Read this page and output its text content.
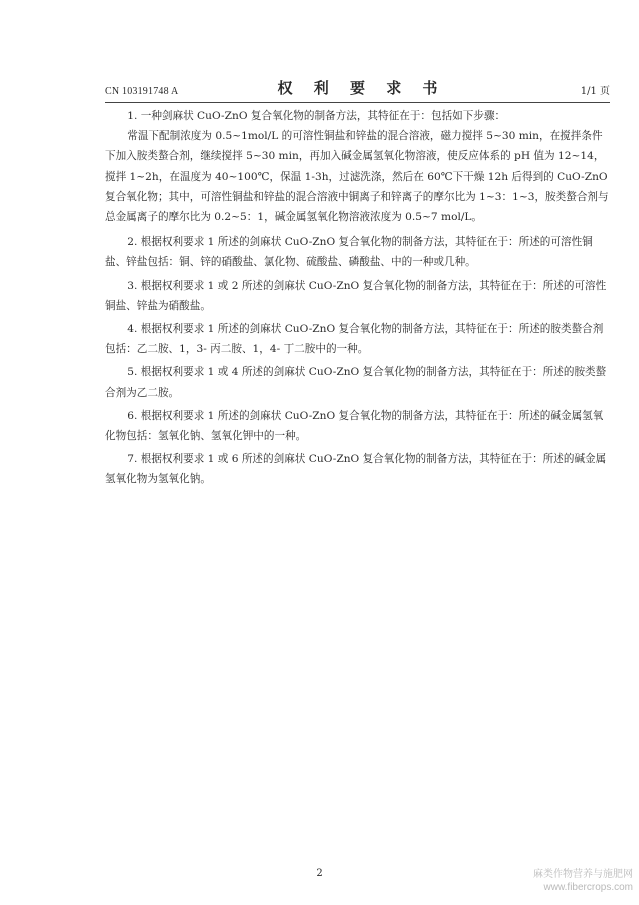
CN 103191748 A	权 利 要 求 书	1/1 页

1. 一种剑麻状 CuO-ZnO 复合氧化物的制备方法，其特征在于：包括如下步骤：

常温下配制浓度为 0.5~1mol/L 的可溶性铜盐和锌盐的混合溶液，磁力搅拌 5~30 min，在搅拌条件下加入胺类螯合剂，继续搅拌 5~30 min，再加入碱金属氢氧化物溶液，使反应体系的 pH 值为 12~14，搅拌 1~2h，在温度为 40~100℃，保温 1-3h，过滤洗涤，然后在 60℃下干燥 12h 后得到的 CuO-ZnO 复合氧化物；其中，可溶性铜盐和锌盐的混合溶液中铜离子和锌离子的摩尔比为 1~3：1~3，胺类螯合剂与总金属离子的摩尔比为 0.2~5：1，碱金属氢氧化物溶液浓度为 0.5~7 mol/L。

2. 根据权利要求 1 所述的剑麻状 CuO-ZnO 复合氧化物的制备方法，其特征在于：所述的可溶性铜盐、锌盐包括：铜、锌的硝酸盐、氯化物、硫酸盐、磷酸盐、中的一种或几种。

3. 根据权利要求 1 或 2 所述的剑麻状 CuO-ZnO 复合氧化物的制备方法，其特征在于：所述的可溶性铜盐、锌盐为硝酸盐。

4. 根据权利要求 1 所述的剑麻状 CuO-ZnO 复合氧化物的制备方法，其特征在于：所述的胺类螯合剂包括：乙二胺、1，3- 丙二胺、1，4- 丁二胺中的一种。

5. 根据权利要求 1 或 4 所述的剑麻状 CuO-ZnO 复合氧化物的制备方法，其特征在于：所述的胺类螯合剂为乙二胺。

6. 根据权利要求 1 所述的剑麻状 CuO-ZnO 复合氧化物的制备方法，其特征在于：所述的碱金属氢氧化物包括：氢氧化钠、氢氧化钾中的一种。

7. 根据权利要求 1 或 6 所述的剑麻状 CuO-ZnO 复合氧化物的制备方法，其特征在于：所述的碱金属氢氧化物为氢氧化钠。

2	麻类作物营养与施肥网
www.fibercrops.com
